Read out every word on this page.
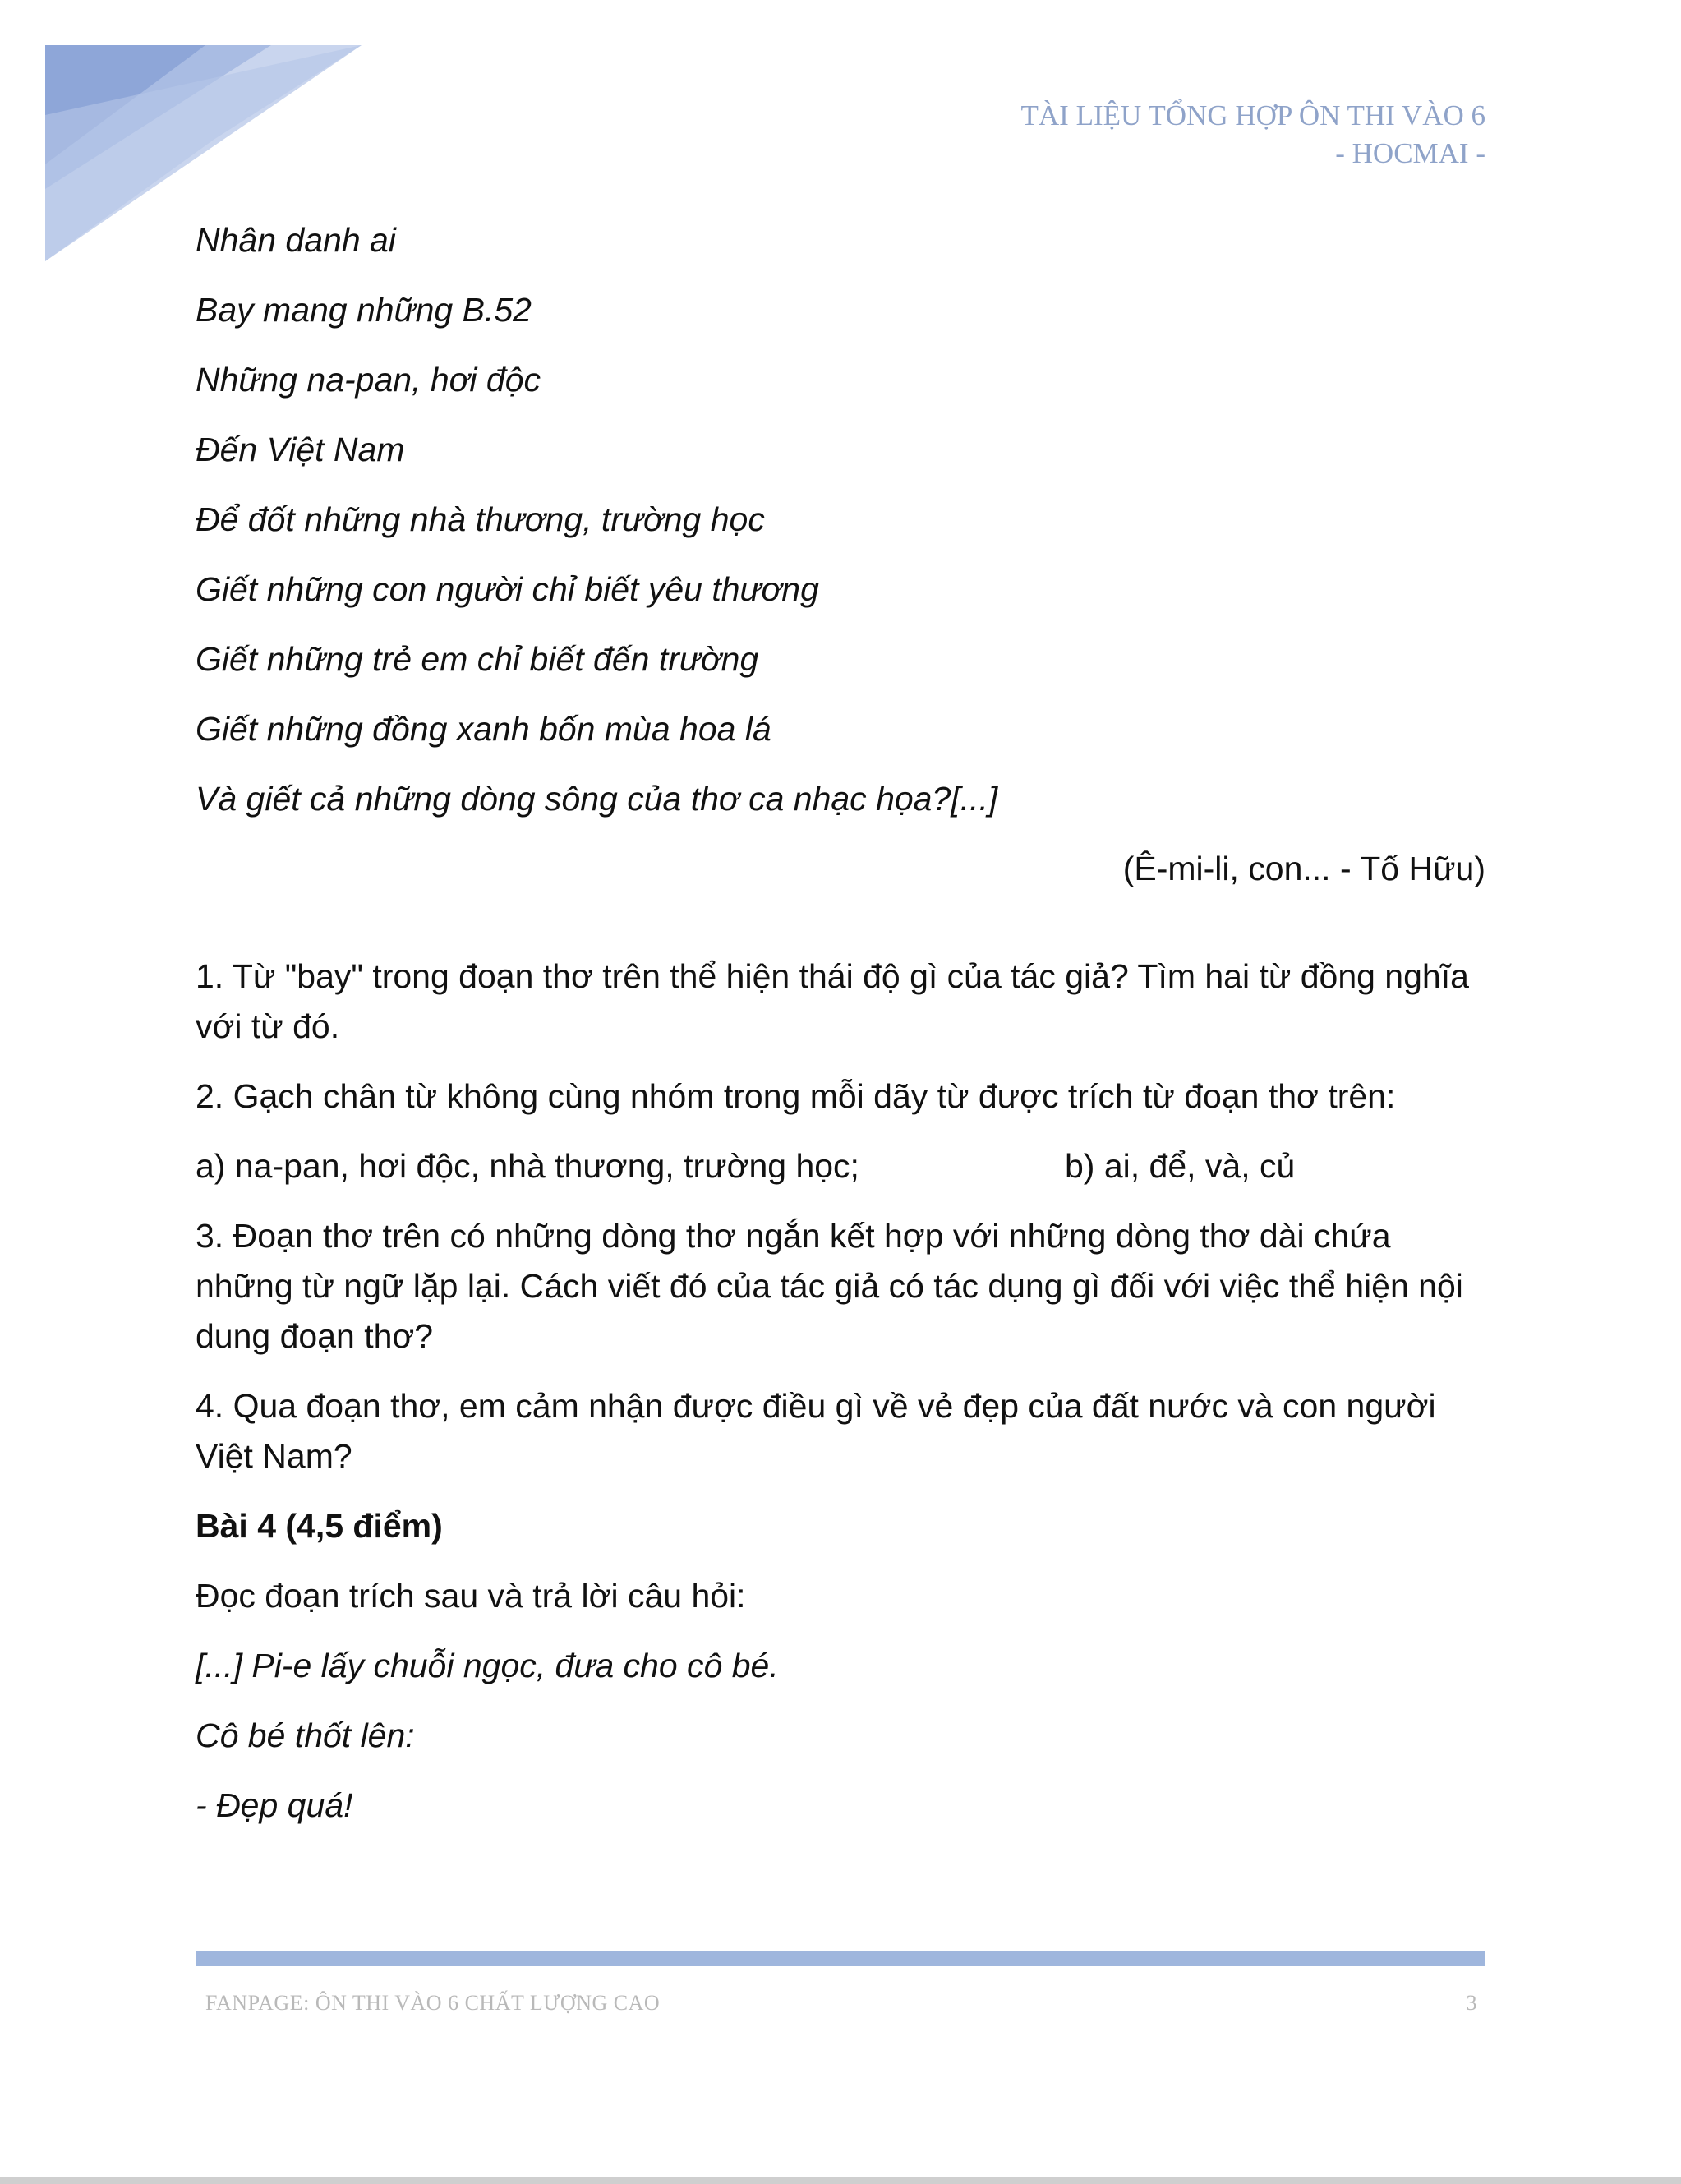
TÀI LIỆU TỔNG HỢP ÔN THI VÀO 6
- HOCMAI -
Nhân danh ai
Bay mang những B.52
Những na-pan, hơi độc
Đến Việt Nam
Để đốt những nhà thương, trường học
Giết những con người chỉ biết yêu thương
Giết những trẻ em chỉ biết đến trường
Giết những đồng xanh bốn mùa hoa lá
Và giết cả những dòng sông của thơ ca nhạc họa?[...]
(Ê-mi-li, con... - Tố Hữu)
1. Từ "bay" trong đoạn thơ trên thể hiện thái độ gì của tác giả? Tìm hai từ đồng nghĩa với từ đó.
2. Gạch chân từ không cùng nhóm trong mỗi dãy từ được trích từ đoạn thơ trên:
a) na-pan, hơi độc, nhà thương, trường học;	b) ai, để, và, củ
3. Đoạn thơ trên có những dòng thơ ngắn kết hợp với những dòng thơ dài chứa những từ ngữ lặp lại. Cách viết đó của tác giả có tác dụng gì đối với việc thể hiện nội dung đoạn thơ?
4. Qua đoạn thơ, em cảm nhận được điều gì về vẻ đẹp của đất nước và con người Việt Nam?
Bài 4 (4,5 điểm)
Đọc đoạn trích sau và trả lời câu hỏi:
[...] Pi-e lấy chuỗi ngọc, đưa cho cô bé.
Cô bé thốt lên:
- Đẹp quá!
FANPAGE: ÔN THI VÀO 6 CHẤT LƯỢNG CAO	3
